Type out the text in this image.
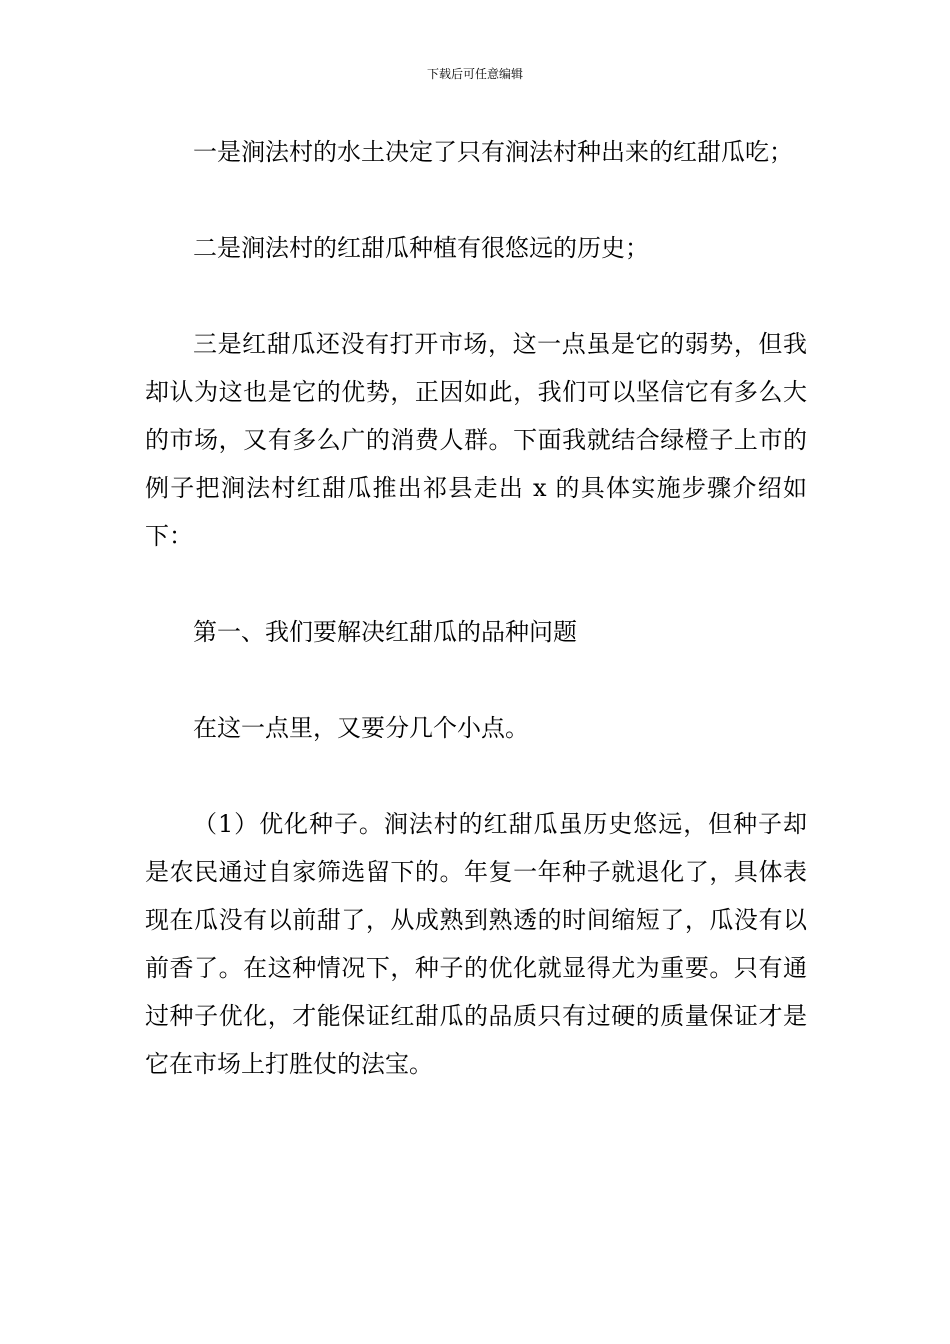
下载后可任意编辑

一是涧法村的水土决定了只有涧法村种出来的红甜瓜吃；

二是涧法村的红甜瓜种植有很悠远的历史；

三是红甜瓜还没有打开市场，这一点虽是它的弱势，但我却认为这也是它的优势，正因如此，我们可以坚信它有多么大的市场，又有多么广的消费人群。下面我就结合绿橙子上市的例子把涧法村红甜瓜推出祁县走出 x 的具体实施步骤介绍如下：

第一、我们要解决红甜瓜的品种问题

在这一点里，又要分几个小点。

（1）优化种子。涧法村的红甜瓜虽历史悠远，但种子却是农民通过自家筛选留下的。年复一年种子就退化了，具体表现在瓜没有以前甜了，从成熟到熟透的时间缩短了，瓜没有以前香了。在这种情况下，种子的优化就显得尤为重要。只有通过种子优化，才能保证红甜瓜的品质只有过硬的质量保证才是它在市场上打胜仗的法宝。
